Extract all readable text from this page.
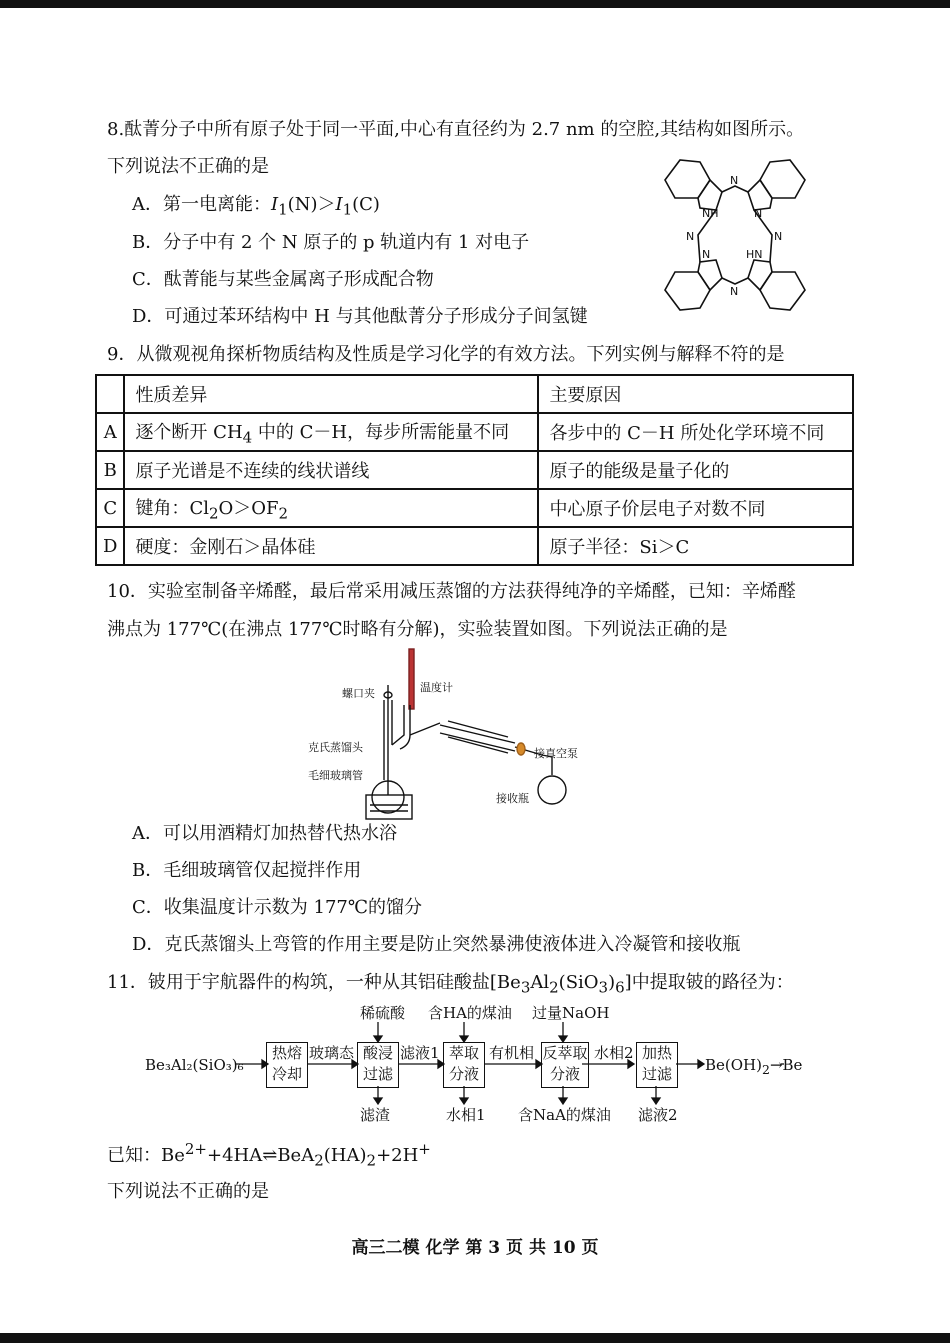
8.酞菁分子中所有原子处于同一平面,中心有直径约为 2.7 nm 的空腔,其结构如图所示。
下列说法不正确的是
A．第一电离能：$I_1(N)>I_1(C)$
B．分子中有 2 个 N 原子的 p 轨道内有 1 对电子
C．酞菁能与某些金属离子形成配合物
D．可通过苯环结构中 H 与其他酞菁分子形成分子间氢键
N
N	N
N
NH	N
N	HN
9．从微观视角探析物质结构及性质是学习化学的有效方法。下列实例与解释不符的是
	性质差异	主要原因
A	逐个断开 $CH_4$ 中的 C－H，每步所需能量不同	各步中的 C－H 所处化学环境不同
B	原子光谱是不连续的线状谱线	原子的能级是量子化的
C	键角：$Cl_2O>OF_2$	中心原子价层电子对数不同
D	硬度：金刚石＞晶体硅	原子半径：Si＞C
10．实验室制备辛烯醛，最后常采用减压蒸馏的方法获得纯净的辛烯醛，已知：辛烯醛
沸点为 177℃(在沸点 177℃时略有分解)，实验装置如图。下列说法正确的是
螺口夹	温度计
克氏蒸馏头	接真空泵
毛细玻璃管
接收瓶
A．可以用酒精灯加热替代热水浴
B．毛细玻璃管仅起搅拌作用
C．收集温度计示数为 177℃的馏分
D．克氏蒸馏头上弯管的作用主要是防止突然暴沸使液体进入冷凝管和接收瓶
11．铍用于宇航器件的构筑，一种从其铝硅酸盐$[Be_3Al_2(SiO_3)_6]$中提取铍的路径为：
稀硫酸 含HA的煤油 过量NaOH
Be₃Al₂(SiO₃)₆
热熔
冷却
玻璃态 酸浸
过滤
滤液1 萃取
分液
有机相 反萃取
分液
水相2 加热
过滤	$Be(OH)_2\to Be$
滤渣	水相1 含NaA的煤油 滤液2
已知：$Be^{2+}+4HA\rightleftharpoons BeA_2(HA)_2+2H^+$
下列说法不正确的是
高三二模 化学 第 3 页 共 10 页
